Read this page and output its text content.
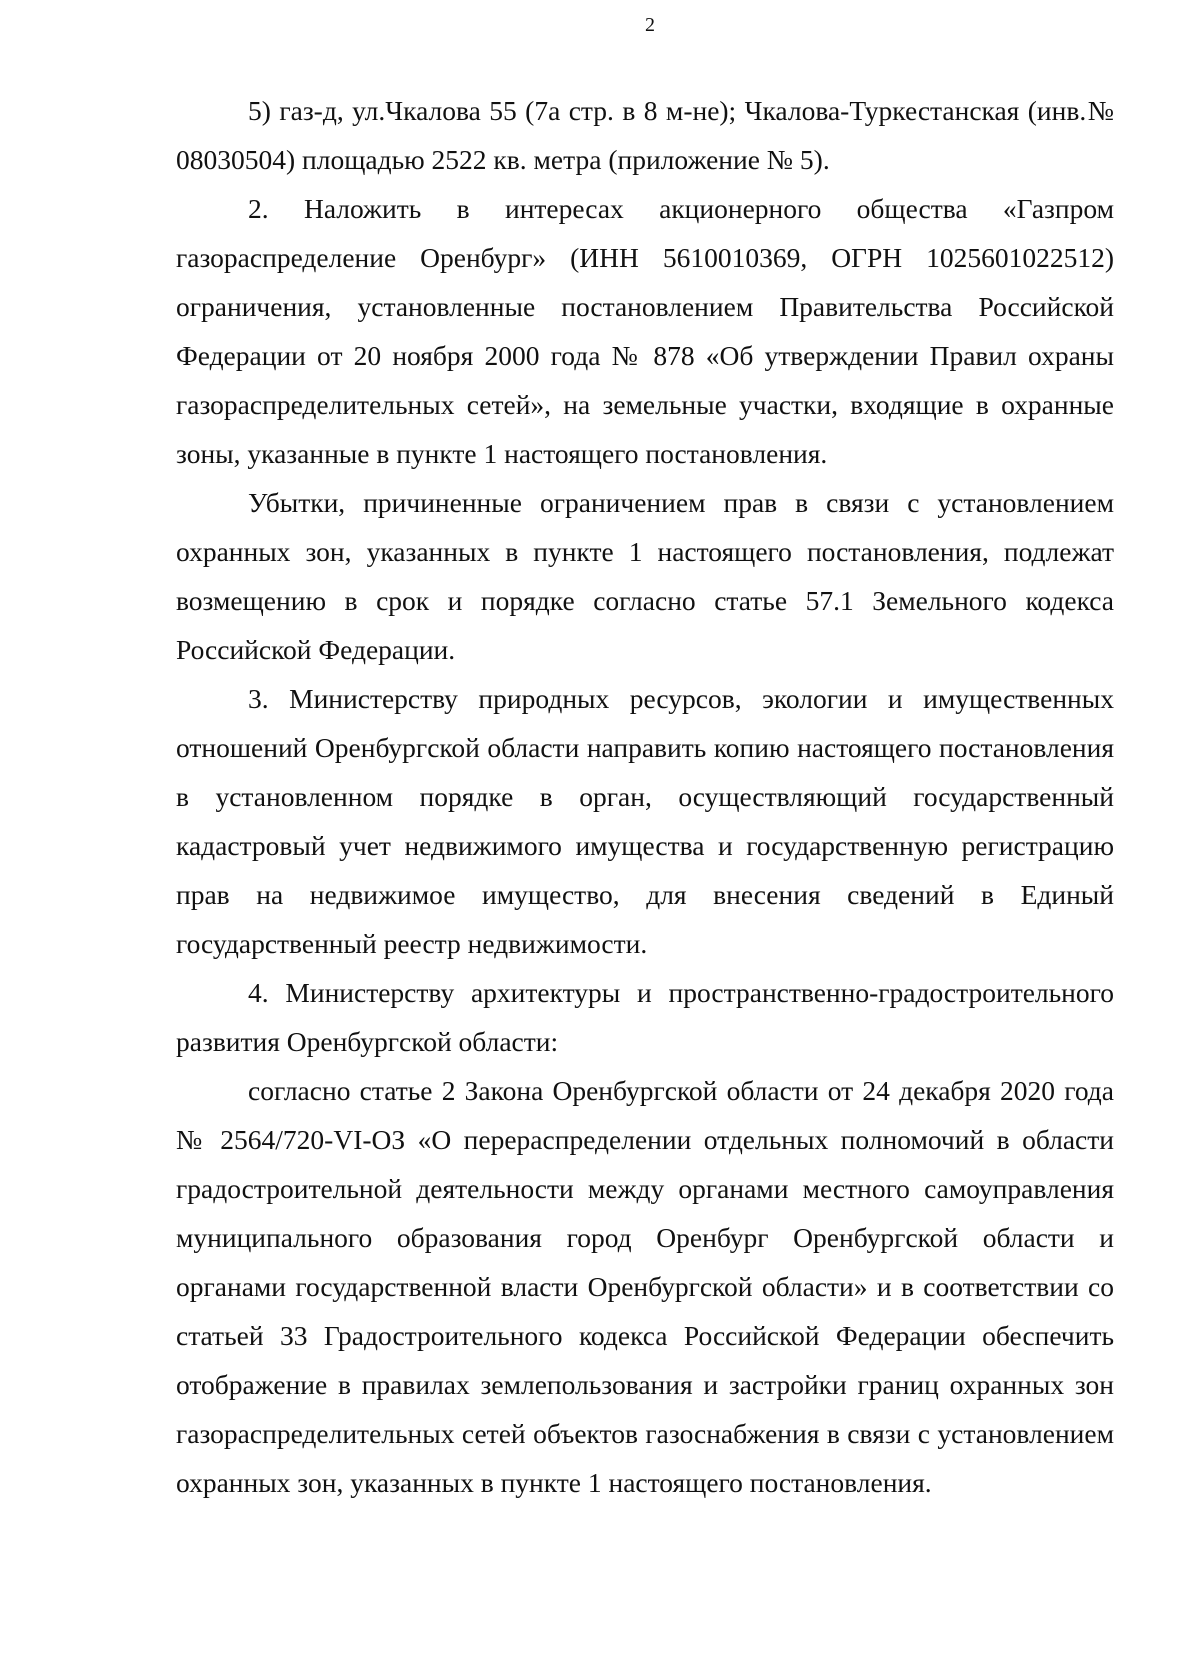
2

5) газ-д, ул.Чкалова 55 (7а стр. в 8 м-не); Чкалова-Туркестанская (инв.№ 08030504) площадью 2522 кв. метра (приложение № 5).

2. Наложить в интересах акционерного общества «Газпром газораспределение Оренбург» (ИНН 5610010369, ОГРН 1025601022512) ограничения, установленные постановлением Правительства Российской Федерации от 20 ноября 2000 года № 878 «Об утверждении Правил охраны газораспределительных сетей», на земельные участки, входящие в охранные зоны, указанные в пункте 1 настоящего постановления.

Убытки, причиненные ограничением прав в связи с установлением охранных зон, указанных в пункте 1 настоящего постановления, подлежат возмещению в срок и порядке согласно статье 57.1 Земельного кодекса Российской Федерации.

3. Министерству природных ресурсов, экологии и имущественных отношений Оренбургской области направить копию настоящего постановления в установленном порядке в орган, осуществляющий государственный кадастровый учет недвижимого имущества и государственную регистрацию прав на недвижимое имущество, для внесения сведений в Единый государственный реестр недвижимости.

4. Министерству архитектуры и пространственно-градостроительного развития Оренбургской области:

согласно статье 2 Закона Оренбургской области от 24 декабря 2020 года № 2564/720-VI-ОЗ «О перераспределении отдельных полномочий в области градостроительной деятельности между органами местного самоуправления муниципального образования город Оренбург Оренбургской области и органами государственной власти Оренбургской области» и в соответствии со статьей 33 Градостроительного кодекса Российской Федерации обеспечить отображение в правилах землепользования и застройки границ охранных зон газораспределительных сетей объектов газоснабжения в связи с установлением охранных зон, указанных в пункте 1 настоящего постановления.
